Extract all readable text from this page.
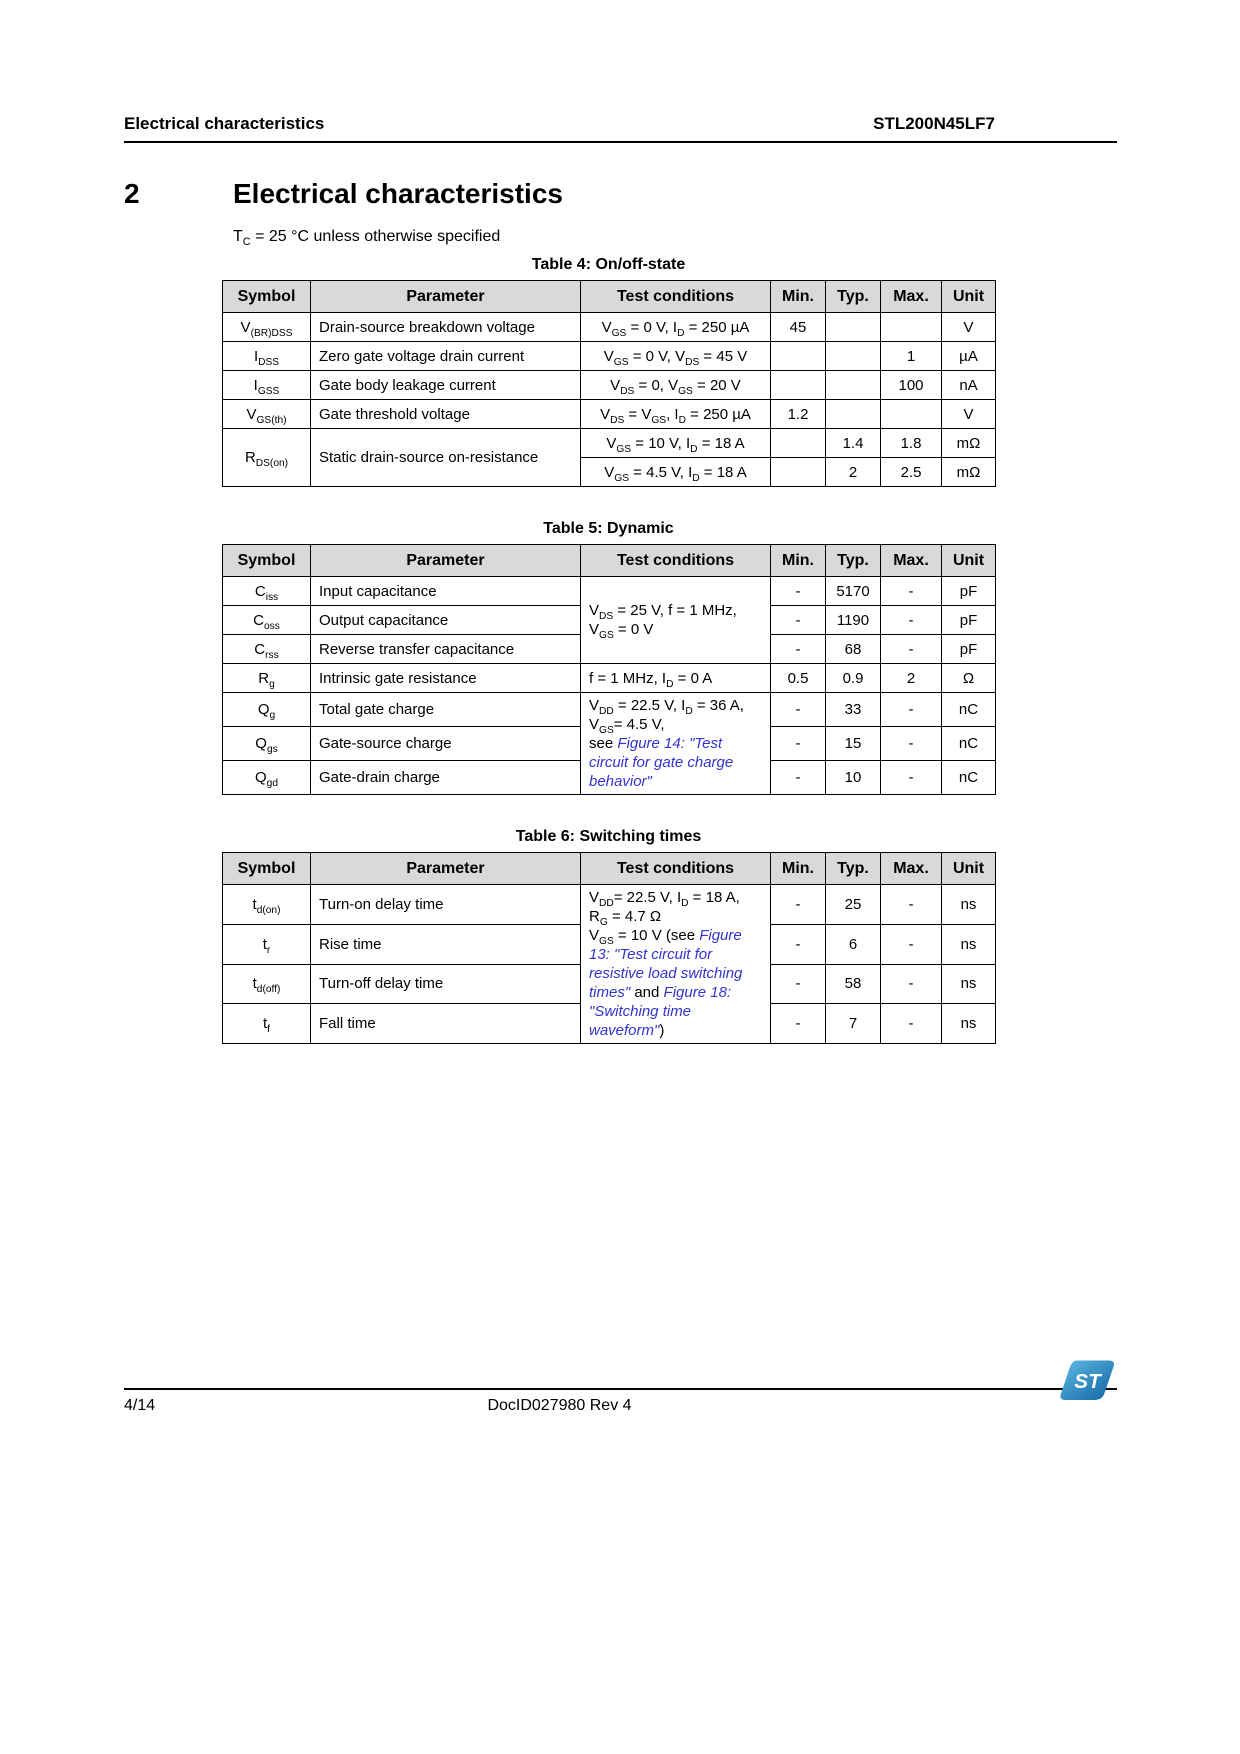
Electrical characteristics	STL200N45LF7
2	Electrical characteristics
$T_C = 25$ °C unless otherwise specified
Table 4: On/off-state
Symbol	Parameter	Test conditions	Min.	Typ.	Max.	Unit
$V_{(BR)DSS}$	Drain-source breakdown voltage	$V_{GS} = 0$ V, $I_D = 250$ µA	45			V
$I_{DSS}$	Zero gate voltage drain current	$V_{GS} = 0$ V, $V_{DS} = 45$ V			1	µA
$I_{GSS}$	Gate body leakage current	$V_{DS} = 0$, $V_{GS} = 20$ V			100	nA
$V_{GS(th)}$	Gate threshold voltage	$V_{DS} = V_{GS}$, $I_D = 250$ µA	1.2			V
$R_{DS(on)}$	Static drain-source on-resistance	$V_{GS} = 10$ V, $I_D = 18$ A		1.4	1.8	mΩ
		$V_{GS} = 4.5$ V, $I_D = 18$ A		2	2.5	mΩ
Table 5: Dynamic
Symbol	Parameter	Test conditions	Min.	Typ.	Max.	Unit
$C_{iss}$	Input capacitance	$V_{DS} = 25$ V, f = 1 MHz,
$V_{GS} = 0$ V	-	5170	-	pF
$C_{oss}$	Output capacitance		-	1190	-	pF
$C_{rss}$	Reverse transfer capacitance		-	68	-	pF
$R_g$	Intrinsic gate resistance	f = 1 MHz, $I_D = 0$ A	0.5	0.9	2	Ω
$Q_g$	Total gate charge	$V_{DD} = 22.5$ V, $I_D = 36$ A,
$V_{GS}= 4.5$ V,
see Figure 14: "Test circuit for gate charge behavior"	-	33	-	nC
$Q_{gs}$	Gate-source charge		-	15	-	nC
$Q_{gd}$	Gate-drain charge		-	10	-	nC
Table 6: Switching times
Symbol	Parameter	Test conditions	Min.	Typ.	Max.	Unit
$t_{d(on)}$	Turn-on delay time	$V_{DD}= 22.5$ V, $I_D = 18$ A,
$R_G = 4.7$ Ω
$V_{GS} = 10$ V (see Figure 13: "Test circuit for resistive load switching times" and Figure 18: "Switching time waveform")	-	25	-	ns
$t_r$	Rise time		-	6	-	ns
$t_{d(off)}$	Turn-off delay time		-	58	-	ns
$t_f$	Fall time		-	7	-	ns
4/14	DocID027980 Rev 4
ST
